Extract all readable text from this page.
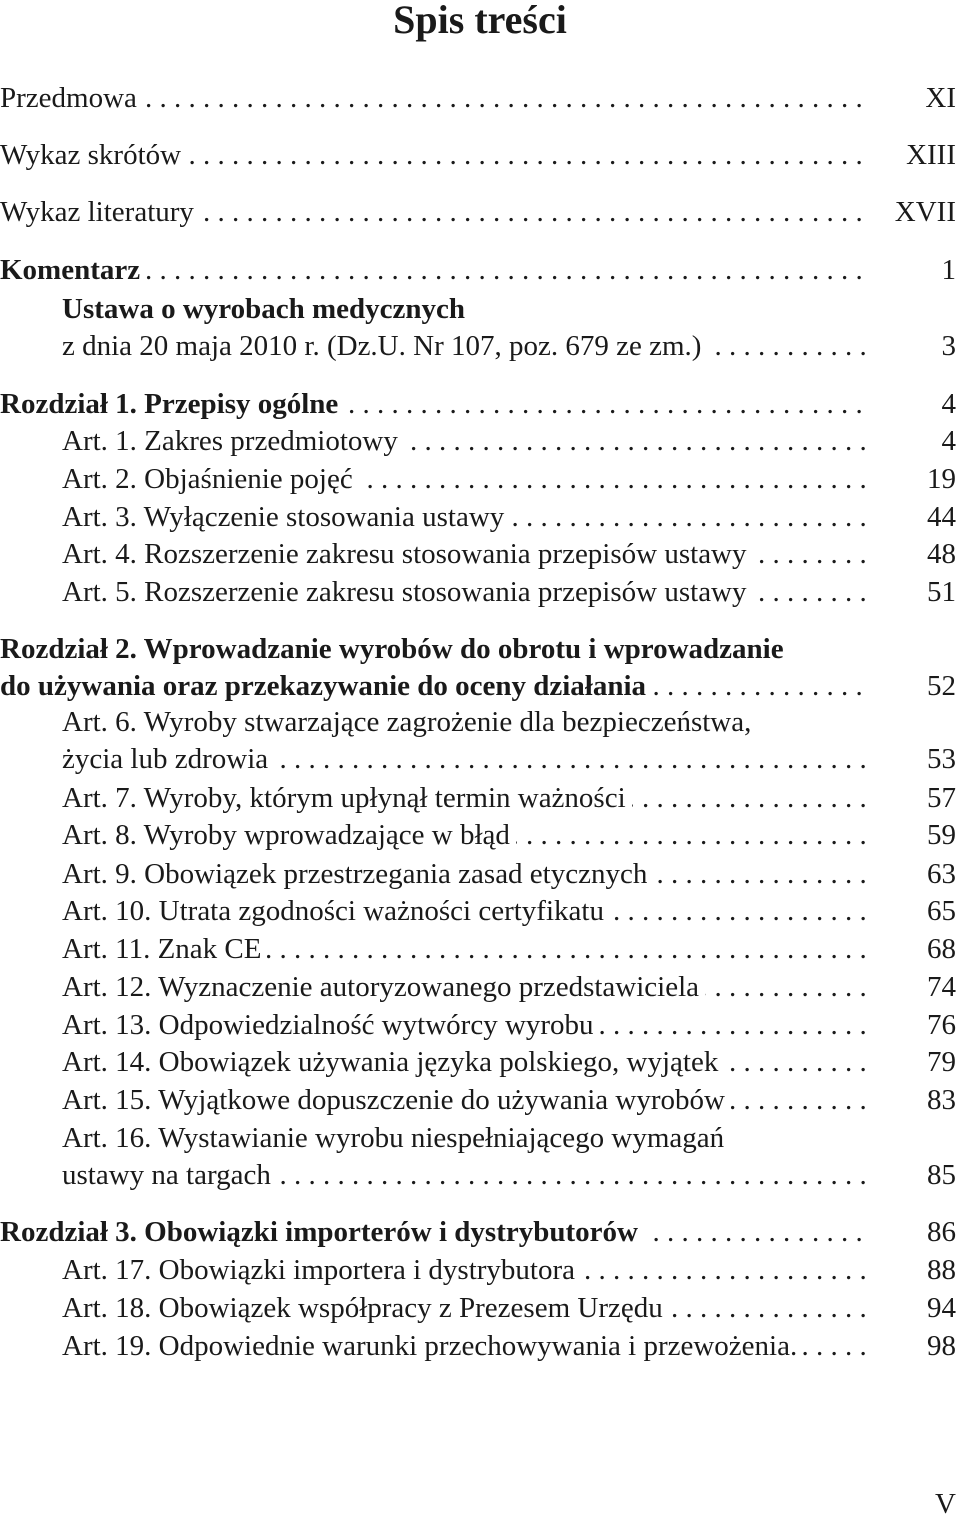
Spis treści
Przedmowa . . .	XI
Wykaz skrótów . . .	XIII
Wykaz literatury . . .	XVII
Komentarz . . .	1
Ustawa o wyrobach medycznych
z dnia 20 maja 2010 r. (Dz.U. Nr 107, poz. 679 ze zm.) . . .	3
Rozdział 1. Przepisy ogólne . . .	4
Art. 1. Zakres przedmiotowy . . .	4
Art. 2. Objaśnienie pojęć . . .	19
Art. 3. Wyłączenie stosowania ustawy . . .	44
Art. 4. Rozszerzenie zakresu stosowania przepisów ustawy . . .	48
Art. 5. Rozszerzenie zakresu stosowania przepisów ustawy . . .	51
Rozdział 2. Wprowadzanie wyrobów do obrotu i wprowadzanie
do używania oraz przekazywanie do oceny działania . . .	52
Art. 6. Wyroby stwarzające zagrożenie dla bezpieczeństwa,
życia lub zdrowia . . .	53
Art. 7. Wyroby, którym upłynął termin ważności . . .	57
Art. 8. Wyroby wprowadzające w błąd . . .	59
Art. 9. Obowiązek przestrzegania zasad etycznych . . .	63
Art. 10. Utrata zgodności ważności certyfikatu . . .	65
Art. 11. Znak CE . . .	68
Art. 12. Wyznaczenie autoryzowanego przedstawiciela . . .	74
Art. 13. Odpowiedzialność wytwórcy wyrobu . . .	76
Art. 14. Obowiązek używania języka polskiego, wyjątek . . .	79
Art. 15. Wyjątkowe dopuszczenie do używania wyrobów . . .	83
Art. 16. Wystawianie wyrobu niespełniającego wymagań
ustawy na targach . . .	85
Rozdział 3. Obowiązki importerów i dystrybutorów . . .	86
Art. 17. Obowiązki importera i dystrybutora . . .	88
Art. 18. Obowiązek współpracy z Prezesem Urzędu . . .	94
Art. 19. Odpowiednie warunki przechowywania i przewożenia. . . .	98
V
